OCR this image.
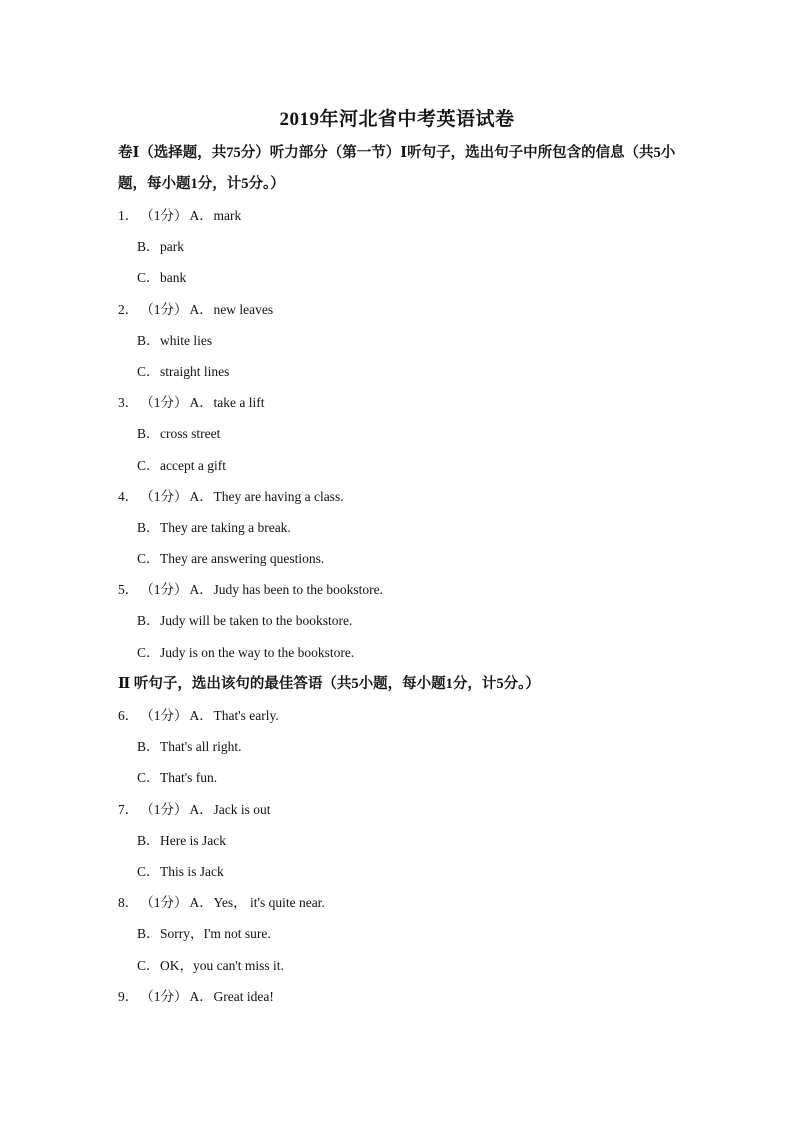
2019年河北省中考英语试卷
卷Ⅰ（选择题，共75分）听力部分（第一节）Ⅰ听句子，选出句子中所包含的信息（共5小题，每小题1分，计5分。）
1． （1分） A．mark
B．park
C．bank
2． （1分） A．new leaves
B．white lies
C．straight lines
3． （1分） A．take a lift
B．cross street
C．accept a gift
4． （1分） A．They are having a class.
B．They are taking a break.
C．They are answering questions.
5． （1分） A．Judy has been to the bookstore.
B．Judy will be taken to the bookstore.
C．Judy is on the way to the bookstore.
Ⅱ 听句子，选出该句的最佳答语（共5小题，每小题1分，计5分。）
6． （1分） A．That's early.
B．That's all right.
C．That's fun.
7． （1分） A．Jack is out
B．Here is Jack
C．This is Jack
8． （1分） A．Yes， it's quite near.
B．Sorry，I'm not sure.
C．OK，you can't miss it.
9． （1分） A．Great idea!
